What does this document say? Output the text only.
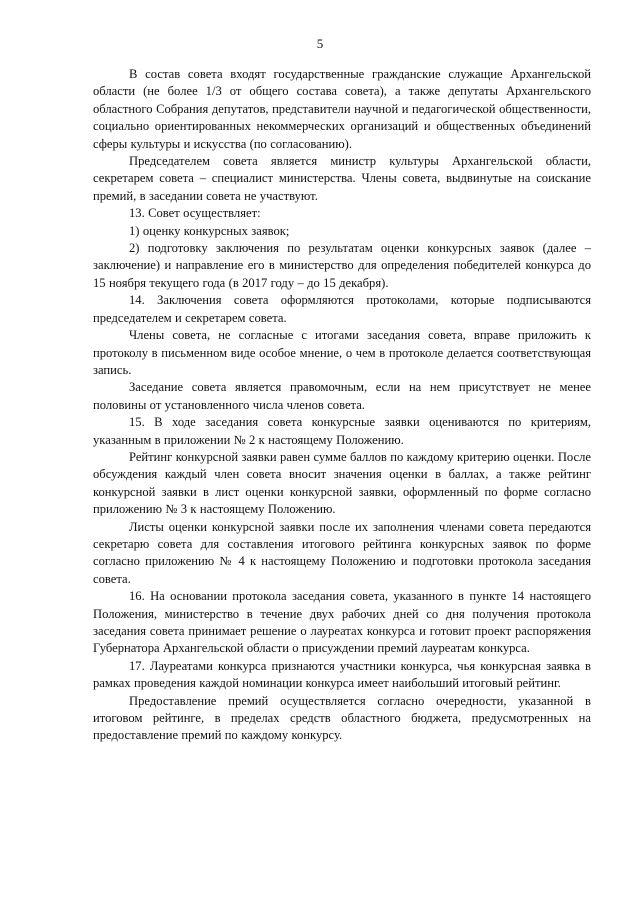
5

В состав совета входят государственные гражданские служащие Архангельской области (не более 1/3 от общего состава совета), а также депутаты Архангельского областного Собрания депутатов, представители научной и педагогической общественности, социально ориентированных некоммерческих организаций и общественных объединений сферы культуры и искусства (по согласованию).

Председателем совета является министр культуры Архангельской области, секретарем совета – специалист министерства. Члены совета, выдвинутые на соискание премий, в заседании совета не участвуют.

13. Совет осуществляет:

1) оценку конкурсных заявок;

2) подготовку заключения по результатам оценки конкурсных заявок (далее – заключение) и направление его в министерство для определения победителей конкурса до 15 ноября текущего года (в 2017 году – до 15 декабря).

14. Заключения совета оформляются протоколами, которые подписываются председателем и секретарем совета.

Члены совета, не согласные с итогами заседания совета, вправе приложить к протоколу в письменном виде особое мнение, о чем в протоколе делается соответствующая запись.

Заседание совета является правомочным, если на нем присутствует не менее половины от установленного числа членов совета.

15. В ходе заседания совета конкурсные заявки оцениваются по критериям, указанным в приложении № 2 к настоящему Положению.

Рейтинг конкурсной заявки равен сумме баллов по каждому критерию оценки. После обсуждения каждый член совета вносит значения оценки в баллах, а также рейтинг конкурсной заявки в лист оценки конкурсной заявки, оформленный по форме согласно приложению № 3 к настоящему Положению.

Листы оценки конкурсной заявки после их заполнения членами совета передаются секретарю совета для составления итогового рейтинга конкурсных заявок по форме согласно приложению № 4 к настоящему Положению и подготовки протокола заседания совета.

16. На основании протокола заседания совета, указанного в пункте 14 настоящего Положения, министерство в течение двух рабочих дней со дня получения протокола заседания совета принимает решение о лауреатах конкурса и готовит проект распоряжения Губернатора Архангельской области о присуждении премий лауреатам конкурса.

17. Лауреатами конкурса признаются участники конкурса, чья конкурсная заявка в рамках проведения каждой номинации конкурса имеет наибольший итоговый рейтинг.

Предоставление премий осуществляется согласно очередности, указанной в итоговом рейтинге, в пределах средств областного бюджета, предусмотренных на предоставление премий по каждому конкурсу.
